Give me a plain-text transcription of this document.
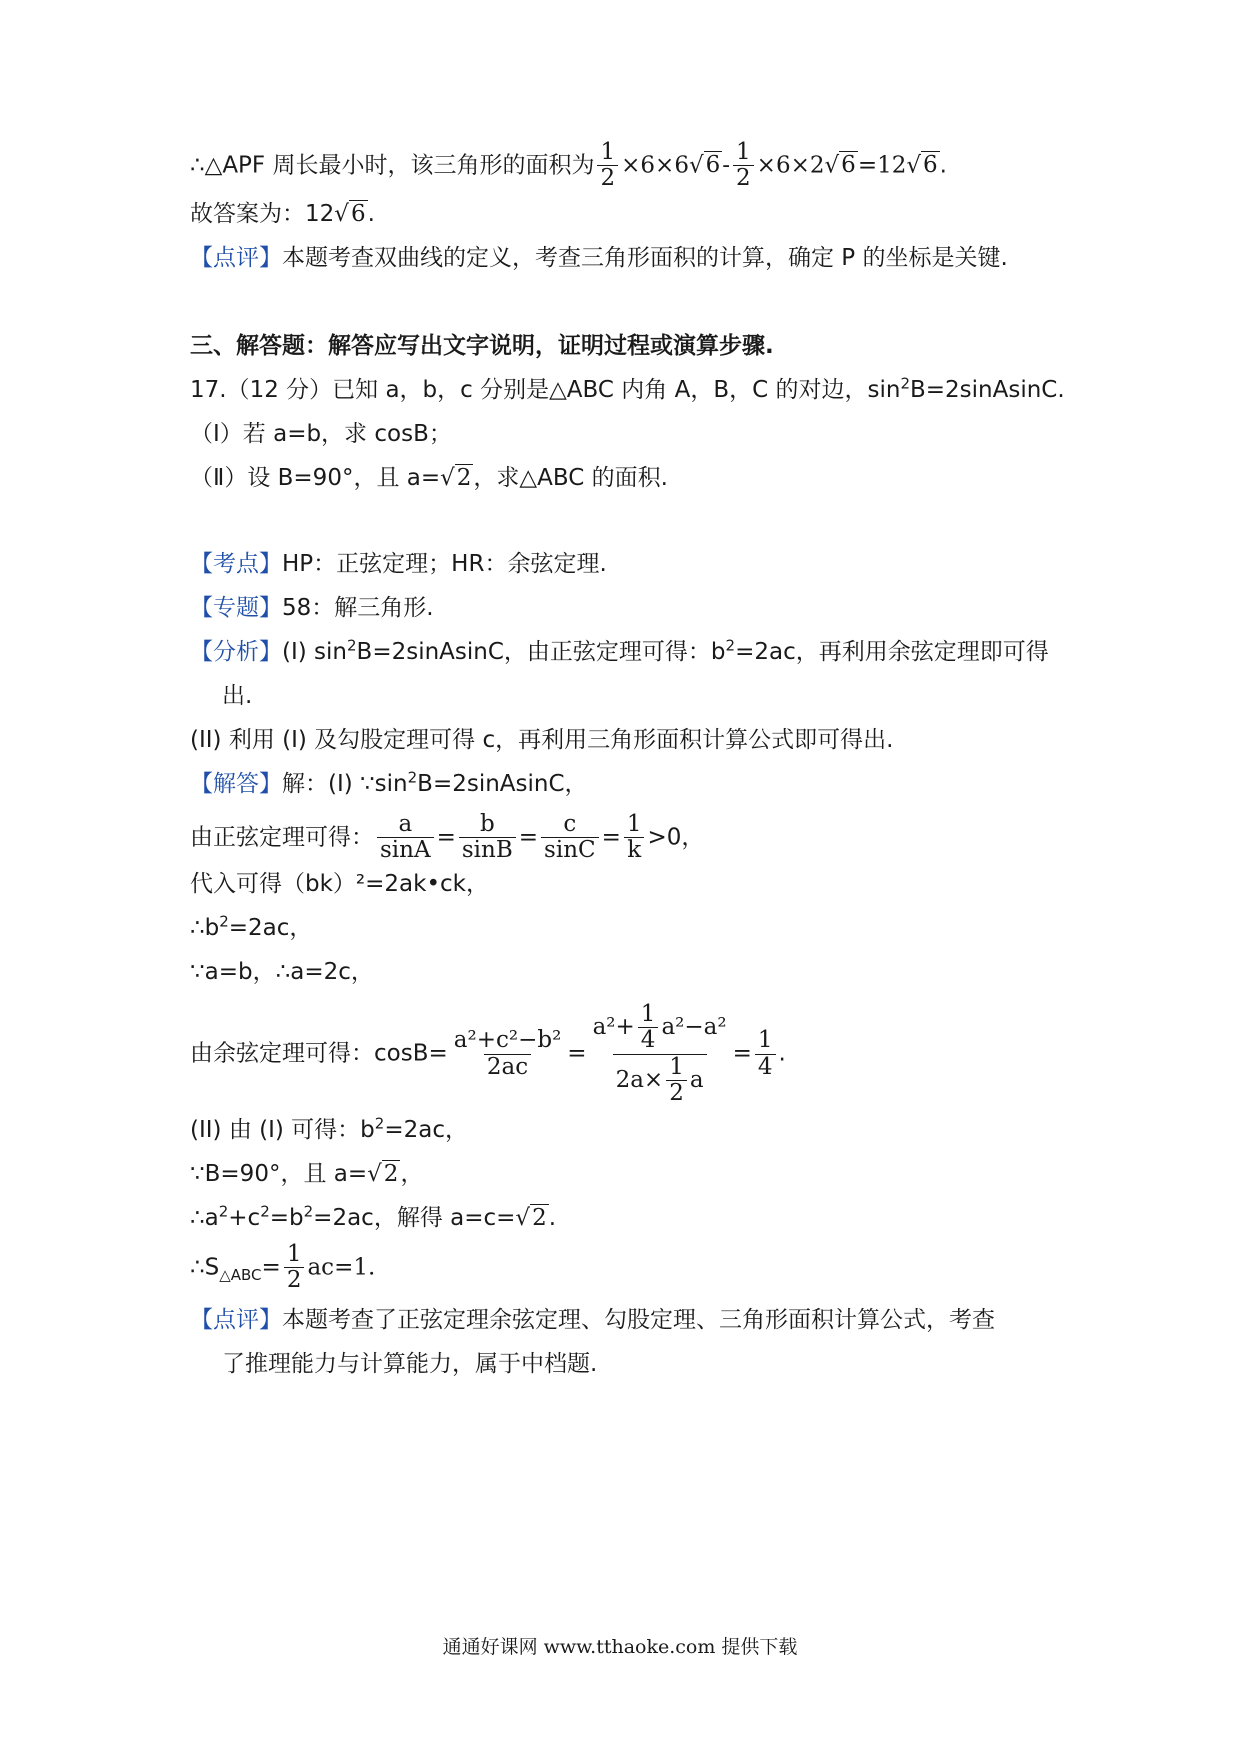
∴△APF 周长最小时，该三角形的面积为 $\frac{1}{2} \times 6\times 6√6- \frac{1}{2} \times 6\times 2√6=12√6$.
故答案为：12√6.
【点评】本题考查双曲线的定义，考查三角形面积的计算，确定 P 的坐标是关键.
三、解答题：解答应写出文字说明，证明过程或演算步骤.
17.（12 分）已知 a，b，c 分别是△ABC 内角 A，B，C 的对边，$\sin^2B=2sinAsinC$.
（Ⅰ）若 a=b，求 cosB；
（Ⅱ）设 B=90°，且 a=√2，求△ABC 的面积.
【考点】HP：正弦定理；HR：余弦定理.
【专题】58：解三角形.
【分析】(I) $\sin^2B=2sinAsinC$，由正弦定理可得：$b^2=2ac$，再利用余弦定理即可得
出.
(II) 利用 (I) 及勾股定理可得 c，再利用三角形面积计算公式即可得出.
【解答】解：(I) $\because\sin^2B=2sinAsinC$，
由正弦定理可得： $\frac{a}{\sin A} = \frac{b}{\sin B} = \frac{c}{\sin C} = \frac{1}{k} >0$，
代入可得（bk）²=2ak•ck，
$\therefore b^2=2ac$，
∵a=b，∴a=2c，
由余弦定理可得：$\cos B= \frac{\text{a²+c²−b²}}{2ac} = \frac{a^2+ \frac{1}{4} a^2-a^2}{2a\times \frac{1}{2} a} = \frac{1}{4}$ .
(II) 由 (I) 可得：$b^2=2ac$，
∵B=90°，且 a=√2，
$\therefore a^2+c^2=b^2=2ac$，解得 a=c=√2.
$\therefore S_{\triangle ABC}= \frac{1}{2} ac=1$.
【点评】本题考查了正弦定理余弦定理、勾股定理、三角形面积计算公式，考查
了推理能力与计算能力，属于中档题.
通通好课网 www.tthaoke.com 提供下载
